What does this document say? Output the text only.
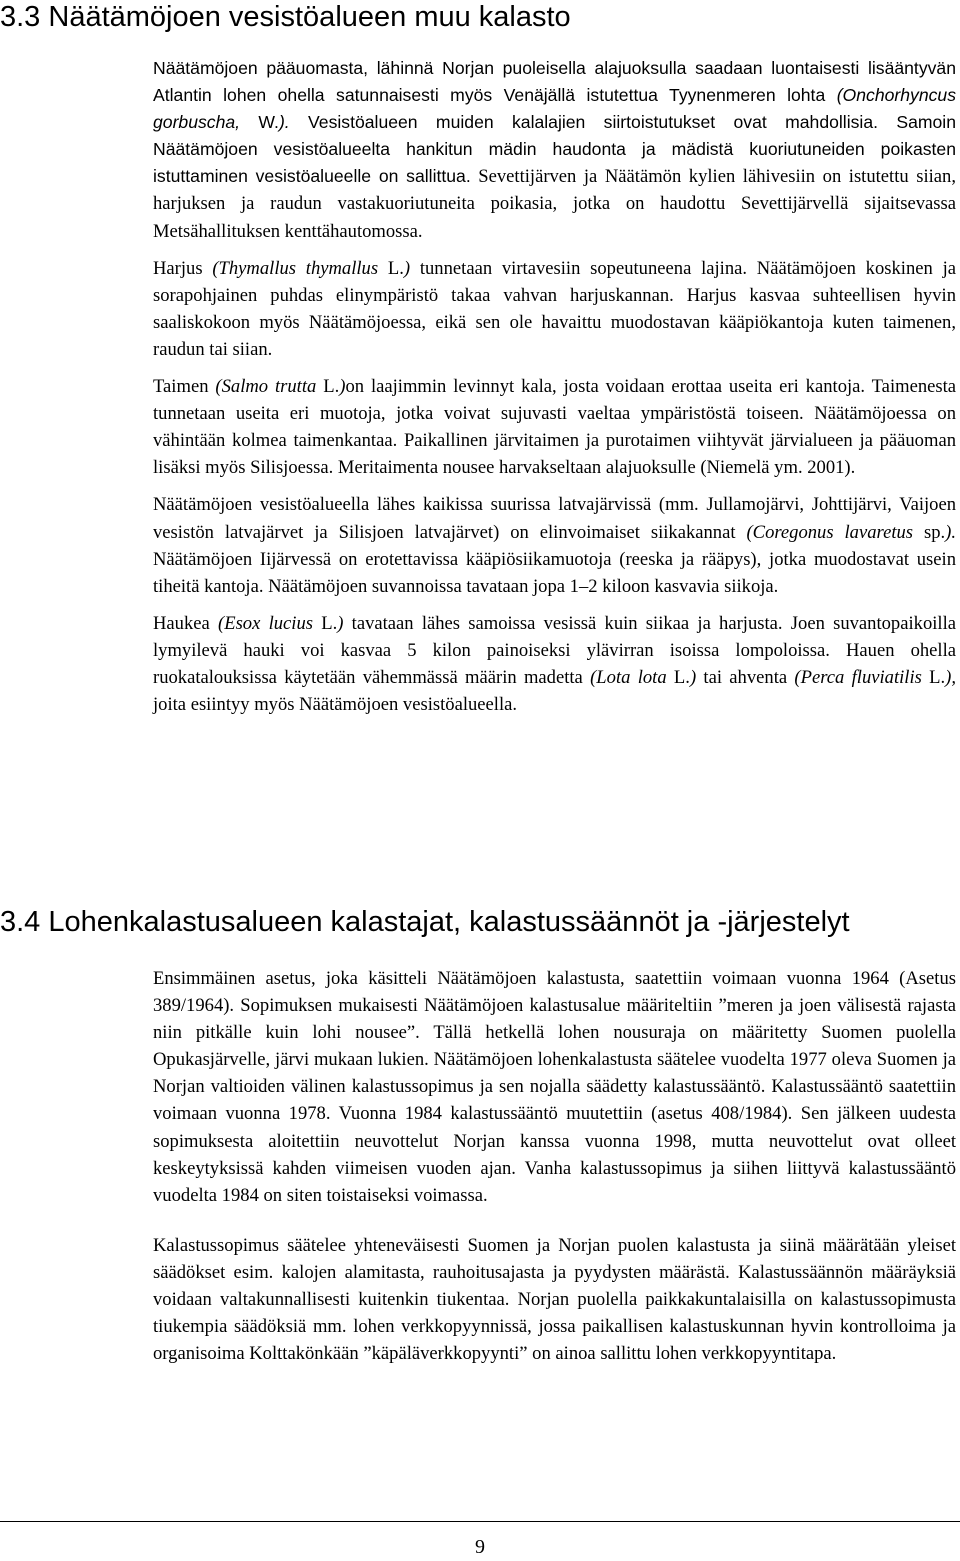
3.3 Näätämöjoen vesistöalueen muu kalasto

Näätämöjoen pääuomasta, lähinnä Norjan puoleisella alajuoksulla saadaan luontaisesti lisääntyvän Atlantin lohen ohella satunnaisesti myös Venäjällä istutettua Tyynenmeren lohta (Onchorhyncus gorbuscha, W.). Vesistöalueen muiden kalalajien siirtoistutukset ovat mahdollisia. Samoin Näätämöjoen vesistöalueelta hankitun mädin haudonta ja mädistä kuoriutuneiden poikasten istuttaminen vesistöalueelle on sallittua. Sevettijärven ja Näätämön kylien lähivesiin on istutettu siian, harjuksen ja raudun vastakuoriutuneita poikasia, jotka on haudottu Sevettijärvellä sijaitsevassa Metsähallituksen kenttähautomossa.

Harjus (Thymallus thymallus L.) tunnetaan virtavesiin sopeutuneena lajina. Näätämöjoen koskinen ja sorapohjainen puhdas elinympäristö takaa vahvan harjuskannan. Harjus kasvaa suhteellisen hyvin saaliskokoon myös Näätämöjoessa, eikä sen ole havaittu muodostavan kääpiökantoja kuten taimenen, raudun tai siian.

Taimen (Salmo trutta L.)on laajimmin levinnyt kala, josta voidaan erottaa useita eri kantoja. Taimenesta tunnetaan useita eri muotoja, jotka voivat sujuvasti vaeltaa ympäristöstä toiseen. Näätämöjoessa on vähintään kolmea taimenkantaa. Paikallinen järvitaimen ja purotaimen viihtyvät järvialueen ja pääuoman lisäksi myös Silisjoessa. Meritaimenta nousee harvakseltaan alajuoksulle (Niemelä ym. 2001).

Näätämöjoen vesistöalueella lähes kaikissa suurissa latvajärvissä (mm. Jullamojärvi, Johttijärvi, Vaijoen vesistön latvajärvet ja Silisjoen latvajärvet) on elinvoimaiset siikakannat (Coregonus lavaretus sp.). Näätämöjoen Iijärvessä on erotettavissa kääpiösiikamuotoja (reeska ja rääpys), jotka muodostavat usein tiheitä kantoja. Näätämöjoen suvannoissa tavataan jopa 1–2 kiloon kasvavia siikoja.

Haukea (Esox lucius L.) tavataan lähes samoissa vesissä kuin siikaa ja harjusta. Joen suvantopaikoilla lymyilevä hauki voi kasvaa 5 kilon painoiseksi ylävirran isoissa lompoloissa. Hauen ohella ruokatalouksissa käytetään vähemmässä määrin madetta (Lota lota L.) tai ahventa (Perca fluviatilis L.), joita esiintyy myös Näätämöjoen vesistöalueella.

3.4 Lohenkalastusalueen kalastajat, kalastussäännöt ja -järjestelyt

Ensimmäinen asetus, joka käsitteli Näätämöjoen kalastusta, saatettiin voimaan vuonna 1964 (Asetus 389/1964). Sopimuksen mukaisesti Näätämöjoen kalastusalue määriteltiin ”meren ja joen välisestä rajasta niin pitkälle kuin lohi nousee”. Tällä hetkellä lohen nousuraja on määritetty Suomen puolella Opukasjärvelle, järvi mukaan lukien. Näätämöjoen lohenkalastusta säätelee vuodelta 1977 oleva Suomen ja Norjan valtioiden välinen kalastussopimus ja sen nojalla säädetty kalastussääntö. Kalastussääntö saatettiin voimaan vuonna 1978. Vuonna 1984 kalastussääntö muutettiin (asetus 408/1984). Sen jälkeen uudesta sopimuksesta aloitettiin neuvottelut Norjan kanssa vuonna 1998, mutta neuvottelut ovat olleet keskeytyksissä kahden viimeisen vuoden ajan. Vanha kalastussopimus ja siihen liittyvä kalastussääntö vuodelta 1984 on siten toistaiseksi voimassa.

Kalastussopimus säätelee yhteneväisesti Suomen ja Norjan puolen kalastusta ja siinä määrätään yleiset säädökset esim. kalojen alamitasta, rauhoitusajasta ja pyydysten määrästä. Kalastussäännön määräyksiä voidaan valtakunnallisesti kuitenkin tiukentaa. Norjan puolella paikkakuntalaisilla on kalastussopimusta tiukempia säädöksiä mm. lohen verkkopyynnissä, jossa paikallisen kalastuskunnan hyvin kontrolloima ja organisoima Kolttakönkään ”käpäläverkkopyynti” on ainoa sallittu lohen verkkopyyntitapa.

9
